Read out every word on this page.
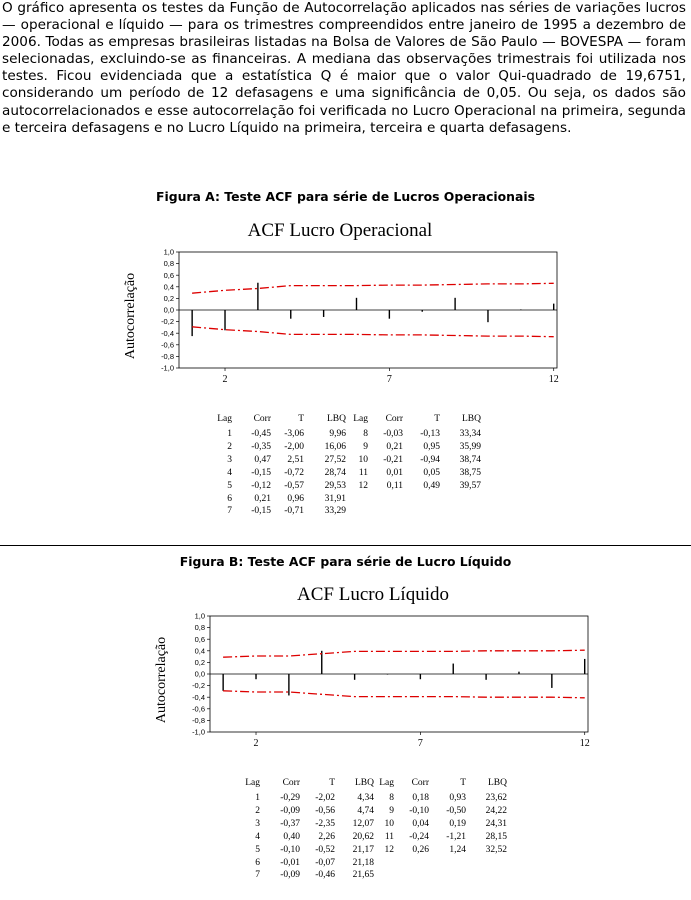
O gráfico apresenta os testes da Função de Autocorrelação aplicados nas séries de variações lucros — operacional e líquido — para os trimestres compreendidos entre janeiro de 1995 a dezembro de 2006. Todas as empresas brasileiras listadas na Bolsa de Valores de São Paulo — BOVESPA — foram selecionadas, excluindo-se as financeiras. A mediana das observações trimestrais foi utilizada nos testes. Ficou evidenciada que a estatística Q é maior que o valor Qui-quadrado de 19,6751, considerando um período de 12 defasagens e uma significância de 0,05. Ou seja, os dados são autocorrelacionados e esse autocorrelação foi verificada no Lucro Operacional na primeira, segunda e terceira defasagens e no Lucro Líquido na primeira, terceira e quarta defasagens.

Figura A: Teste ACF para série de Lucros Operacionais
ACF Lucro Operacional
Autocorrelação
1,0
0,8
0,6
0,4
0,2
0,0
-0,2
-0,4
-0,6
-0,8
-1,0
2	7	12
Lag	Corr	T	LBQ
1	-0,45	-3,06	9,96
2	-0,35	-2,00	16,06
3	0,47	2,51	27,52
4	-0,15	-0,72	28,74
5	-0,12	-0,57	29,53
6	0,21	0,96	31,91
7	-0,15	-0,71	33,29
Lag	Corr	T	LBQ
8	-0,03	-0,13	33,34
9	0,21	0,95	35,99
10	-0,21	-0,94	38,74
11	0,01	0,05	38,75
12	0,11	0,49	39,57
Figura B: Teste ACF para série de Lucro Líquido
ACF Lucro Líquido
Autocorrelação
1,0
0,8
0,6
0,4
0,2
0,0
-0,2
-0,4
-0,6
-0,8
-1,0
2	7	12
Lag	Corr	T	LBQ
1	-0,29	-2,02	4,34
2	-0,09	-0,56	4,74
3	-0,37	-2,35	12,07
4	0,40	2,26	20,62
5	-0,10	-0,52	21,17
6	-0,01	-0,07	21,18
7	-0,09	-0,46	21,65
Lag	Corr	T	LBQ
8	0,18	0,93	23,62
9	-0,10	-0,50	24,22
10	0,04	0,19	24,31
11	-0,24	-1,21	28,15
12	0,26	1,24	32,52
